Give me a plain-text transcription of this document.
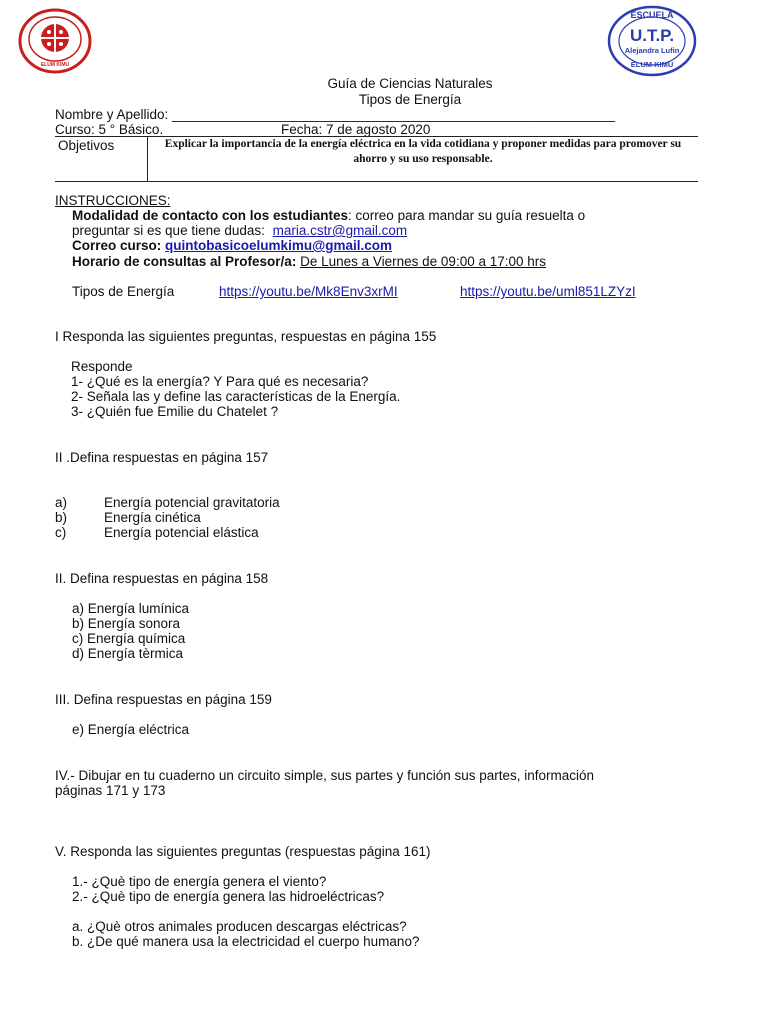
ELUM KIMU
ESCUELA
U.T.P.
Alejandra Lufin
ELUM KIMU
Guía de Ciencias Naturales
Tipos de Energía
Nombre y Apellido: ___________________________________________________________
Curso: 5 ° Básico.	Fecha: 7 de agosto 2020
Objetivos	Explicar la importancia de la energía eléctrica en la vida cotidiana y proponer medidas para promover su ahorro y su uso responsable.
INSTRUCCIONES:
Modalidad de contacto con los estudiantes: correo para mandar su guía resuelta o
preguntar si es que tiene dudas: maria.cstr@gmail.com
Correo curso: quintobasicoelumkimu@gmail.com
Horario de consultas al Profesor/a: De Lunes a Viernes de 09:00 a 17:00 hrs
Tipos de Energía	https://youtu.be/Mk8Env3xrMI	https://youtu.be/uml851LZYzI
I Responda las siguientes preguntas, respuestas en página 155
Responde
1- ¿Qué es la energía? Y Para qué es necesaria?
2- Señala las y define las características de la Energía.
3- ¿Quién fue Emilie du Chatelet ?
II .Defina respuestas en página 157
a)	Energía potencial gravitatoria
b)	Energía cinética
c)	Energía potencial elástica
II. Defina respuestas en página 158
a) Energía lumínica
b) Energía sonora
c) Energía química
d) Energía tèrmica
III. Defina respuestas en página 159
e) Energía eléctrica
IV.- Dibujar en tu cuaderno un circuito simple, sus partes y función sus partes, información
páginas 171 y 173
V. Responda las siguientes preguntas (respuestas página 161)
1.- ¿Què tipo de energía genera el viento?
2.- ¿Què tipo de energía genera las hidroeléctricas?
a. ¿Què otros animales producen descargas eléctricas?
b. ¿De qué manera usa la electricidad el cuerpo humano?
